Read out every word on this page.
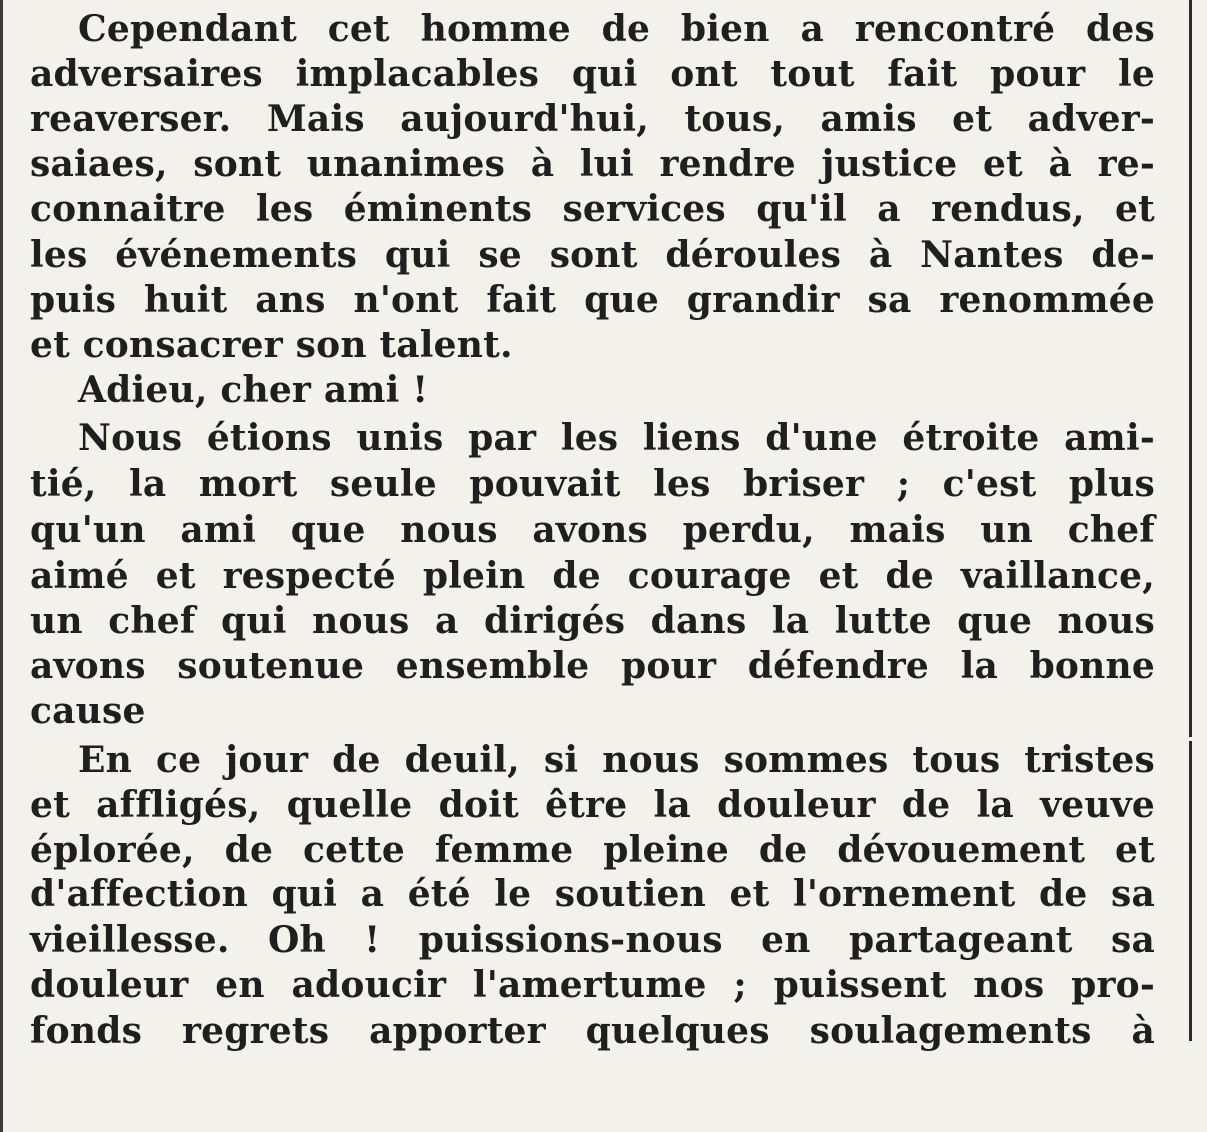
Cependant cet homme de bien a rencontré des
adversaires implacables qui ont tout fait pour le
reaverser. Mais aujourd'hui, tous, amis et adver-
saiaes, sont unanimes à lui rendre justice et à re-
connaitre les éminents services qu'il a rendus, et
les événements qui se sont déroules à Nantes de-
puis huit ans n'ont fait que grandir sa renommée
et consacrer son talent.
Adieu, cher ami !
Nous étions unis par les liens d'une étroite ami-
tié, la mort seule pouvait les briser ; c'est plus
qu'un ami que nous avons perdu, mais un chef
aimé et respecté plein de courage et de vaillance,
un chef qui nous a dirigés dans la lutte que nous
avons soutenue ensemble pour défendre la bonne
cause
En ce jour de deuil, si nous sommes tous tristes
et affligés, quelle doit être la douleur de la veuve
éplorée, de cette femme pleine de dévouement et
d'affection qui a été le soutien et l'ornement de sa
vieillesse. Oh ! puissions-nous en partageant sa
douleur en adoucir l'amertume ; puissent nos pro-
fonds regrets apporter quelques soulagements à
